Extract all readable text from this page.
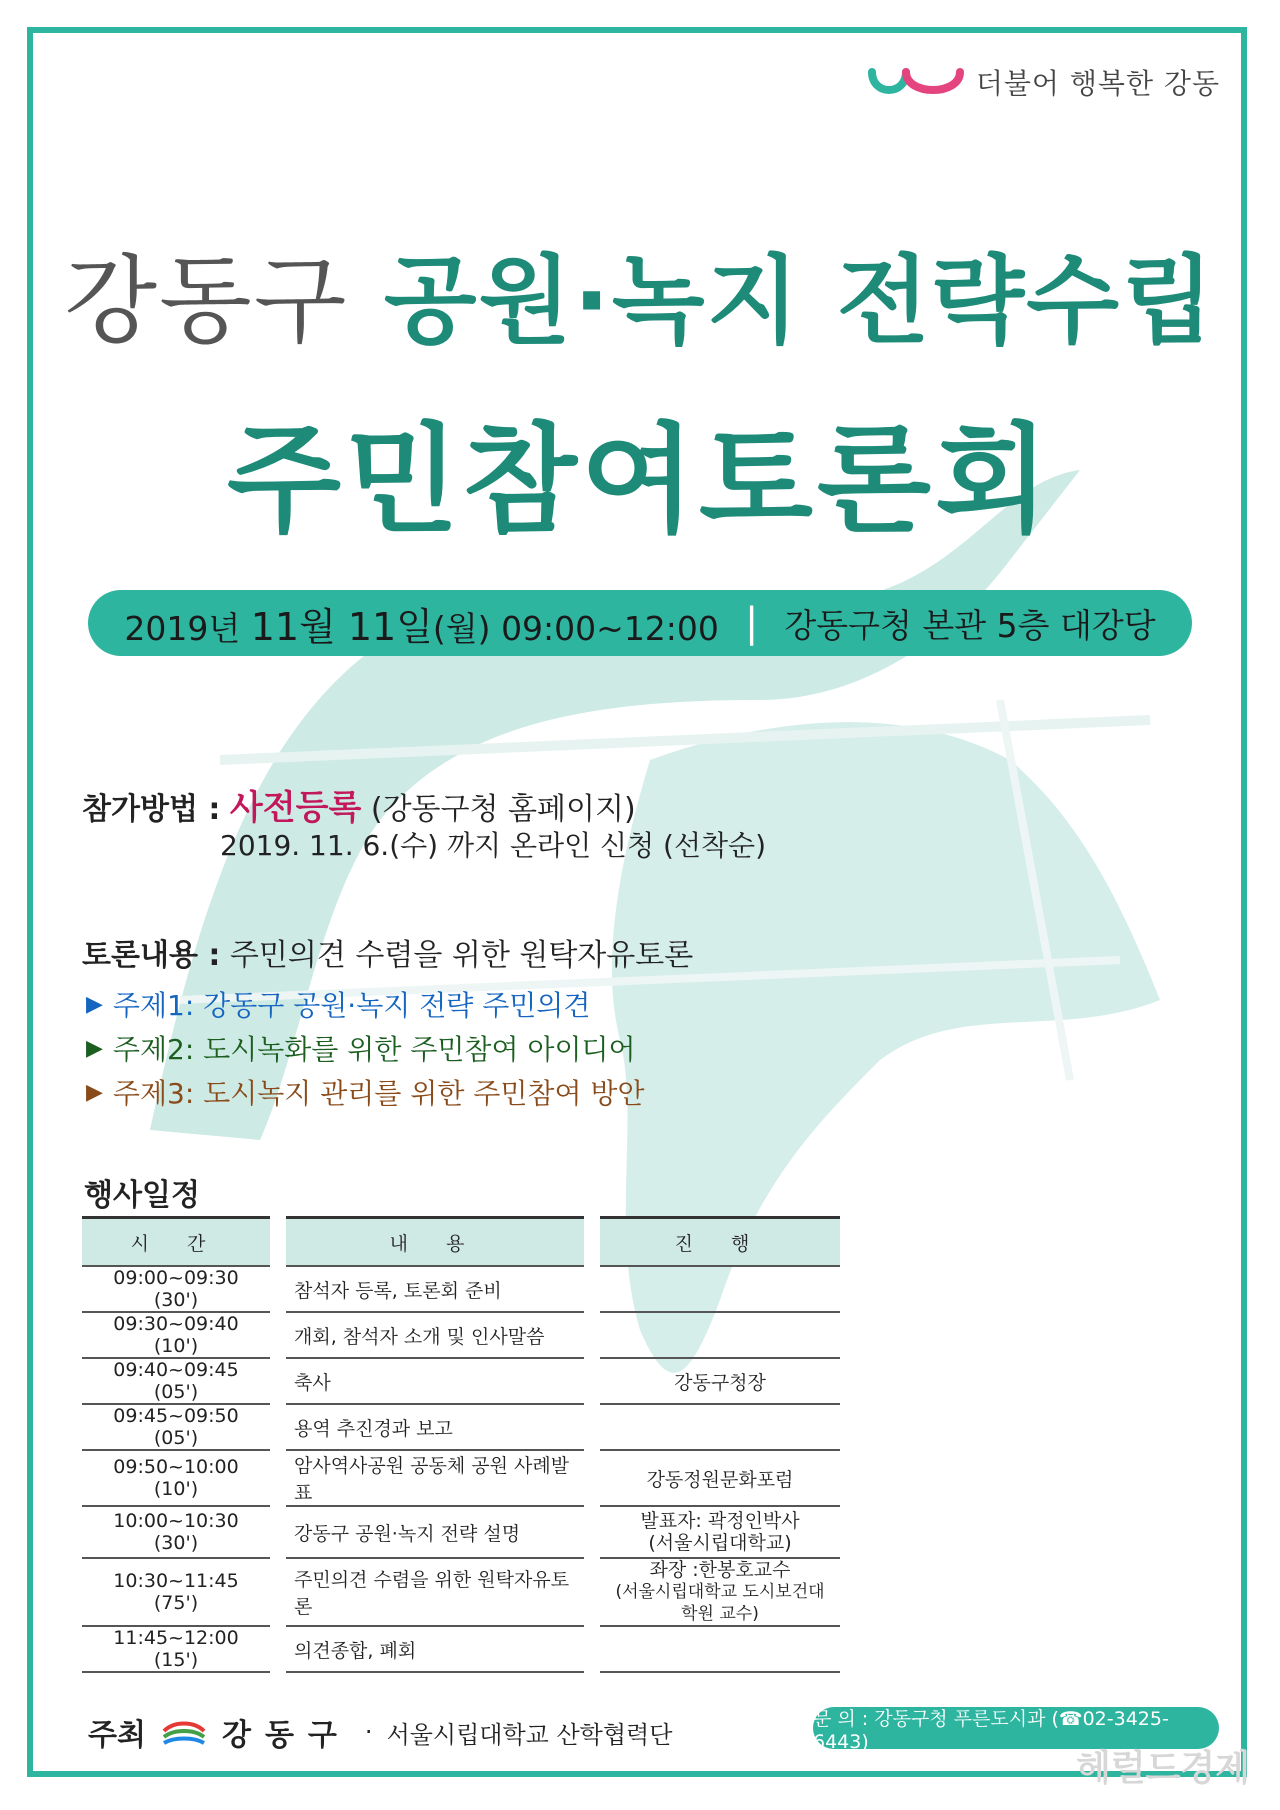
더불어 행복한 강동
강동구 공원·녹지 전략수립
주민참여토론회
2019년 11월 11일(월) 09:00~12:00 | 강동구청 본관 5층 대강당
참가방법 : 사전등록 (강동구청 홈페이지)
2019. 11. 6.(수) 까지 온라인 신청 (선착순)
토론내용 : 주민의견 수렴을 위한 원탁자유토론
▶ 주제1: 강동구 공원·녹지 전략 주민의견
▶ 주제2: 도시녹화를 위한 주민참여 아이디어
▶ 주제3: 도시녹지 관리를 위한 주민참여 방안
행사일정
시 간		내 용		진 행
09:00~09:30 (30')		참석자 등록, 토론회 준비		
09:30~09:40 (10')		개회, 참석자 소개 및 인사말씀		
09:40~09:45 (05')		축사		강동구청장
09:45~09:50 (05')		용역 추진경과 보고		
09:50~10:00 (10')		암사역사공원 공동체 공원 사례발표		강동정원문화포럼
10:00~10:30 (30')		강동구 공원·녹지 전략 설명		발표자: 곽정인박사
(서울시립대학교)

10:30~11:45 (75')		주민의견 수렴을 위한 원탁자유토론		좌장 :한봉호교수
(서울시립대학교 도시보건대학원 교수)

11:45~12:00 (15')		의견종합, 폐회		
주최	강동구 · 서울시립대학교 산학협력단
문 의 : 강동구청 푸른도시과 (☎02-3425-6443)
헤럴드경제
